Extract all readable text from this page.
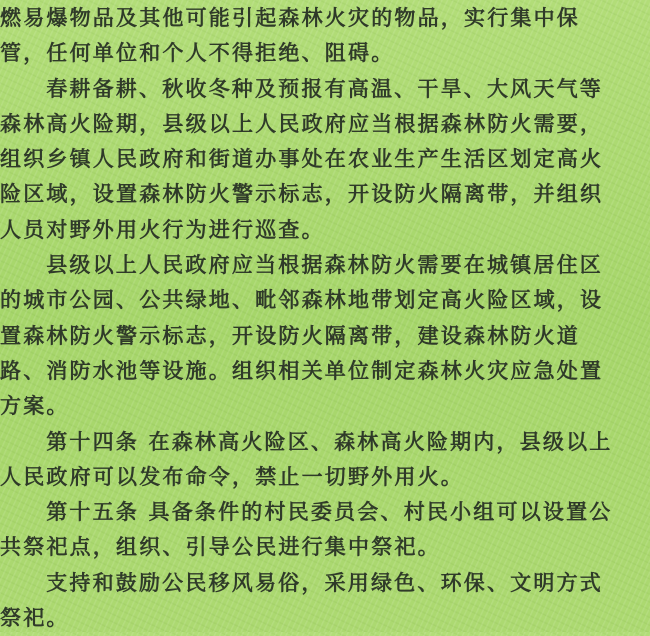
燃易爆物品及其他可能引起森林火灾的物品，实行集中保
管，任何单位和个人不得拒绝、阻碍。
春耕备耕、秋收冬种及预报有高温、干旱、大风天气等
森林高火险期，县级以上人民政府应当根据森林防火需要，
组织乡镇人民政府和街道办事处在农业生产生活区划定高火
险区域，设置森林防火警示标志，开设防火隔离带，并组织
人员对野外用火行为进行巡查。
县级以上人民政府应当根据森林防火需要在城镇居住区
的城市公园、公共绿地、毗邻森林地带划定高火险区域，设
置森林防火警示标志，开设防火隔离带，建设森林防火道
路、消防水池等设施。组织相关单位制定森林火灾应急处置
方案。
第十四条 在森林高火险区、森林高火险期内，县级以上
人民政府可以发布命令，禁止一切野外用火。
第十五条 具备条件的村民委员会、村民小组可以设置公
共祭祀点，组织、引导公民进行集中祭祀。
支持和鼓励公民移风易俗，采用绿色、环保、文明方式
祭祀。
